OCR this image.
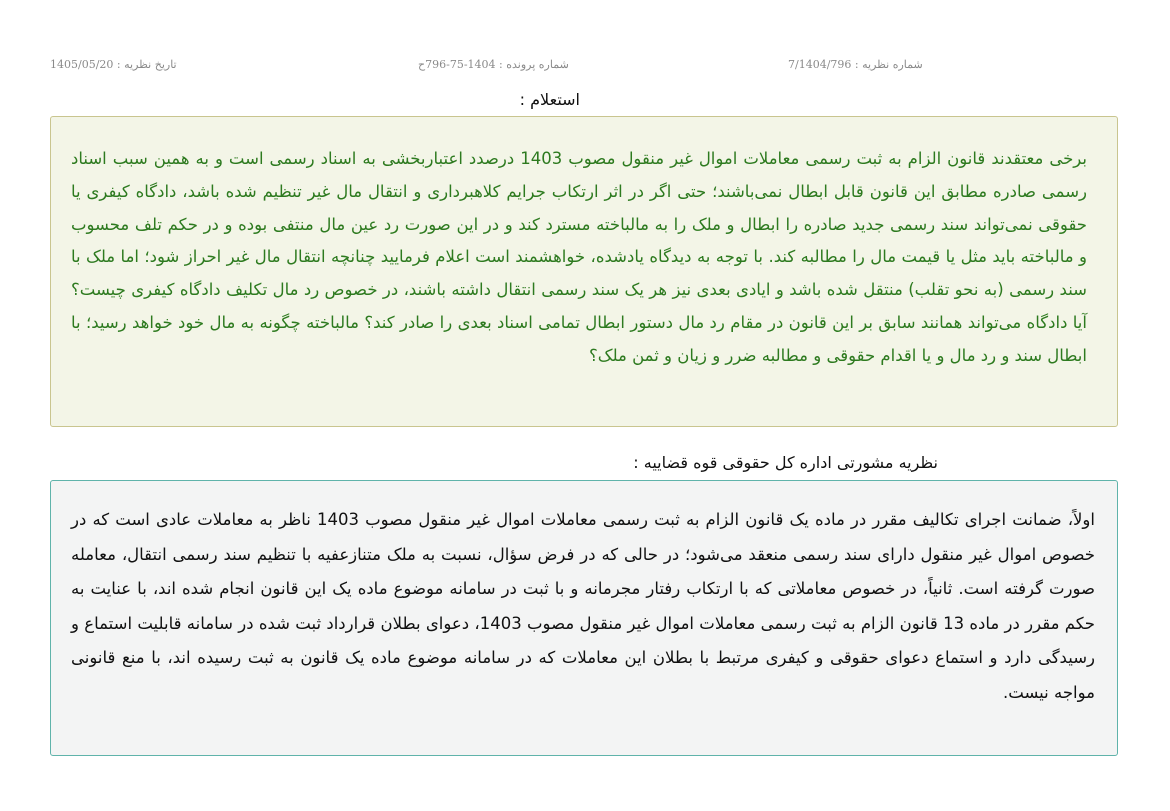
شماره نظریه : 7/1404/796
شماره پرونده : 1404-75-796ح
تاریخ نظریه : 1405/05/20
استعلام :

برخی معتقدند قانون الزام به ثبت رسمی معاملات اموال غیر منقول مصوب 1403 درصدد اعتباربخشی به اسناد رسمی است و به همین سبب اسناد رسمی صادره مطابق این قانون قابل ابطال نمی‌باشند؛ حتی اگر در اثر ارتکاب جرایم کلاهبرداری و انتقال مال غیر تنظیم شده باشد، دادگاه کیفری یا حقوقی نمی‌تواند سند رسمی جدید صادره را ابطال و ملک را به مالباخته مسترد کند و در این صورت رد عین مال منتفی بوده و در حکم تلف محسوب و مالباخته باید مثل یا قیمت مال را مطالبه کند. با توجه به دیدگاه یادشده، خواهشمند است اعلام فرمایید چنانچه انتقال مال غیر احراز شود؛ اما ملک با سند رسمی (به نحو تقلب) منتقل شده باشد و ایادی بعدی نیز هر یک سند رسمی انتقال داشته باشند، در خصوص رد مال تکلیف دادگاه کیفری چیست؟ آیا دادگاه می‌تواند همانند سابق بر این قانون در مقام رد مال دستور ابطال تمامی اسناد بعدی را صادر کند؟ مالباخته چگونه به مال خود خواهد رسید؛ با ابطال سند و رد مال و یا اقدام حقوقی و مطالبه ضرر و زیان و ثمن ملک؟

نظریه مشورتی اداره کل حقوقی قوه قضاییه :

اولاً، ضمانت اجرای تکالیف مقرر در ماده یک قانون الزام به ثبت رسمی معاملات اموال غیر منقول مصوب 1403 ناظر به معاملات عادی است که در خصوص اموال غیر منقول دارای سند رسمی منعقد می‌شود؛ در حالی که در فرض سؤال، نسبت به ملک متنازعفیه با تنظیم سند رسمی انتقال، معامله صورت گرفته است. ثانیاً، در خصوص معاملاتی که با ارتکاب رفتار مجرمانه و با ثبت در سامانه موضوع ماده یک این قانون انجام شده اند، با عنایت به حکم مقرر در ماده 13 قانون الزام به ثبت رسمی معاملات اموال غیر منقول مصوب 1403، دعوای بطلان قرارداد ثبت شده در سامانه قابلیت استماع و رسیدگی دارد و استماع دعوای حقوقی و کیفری مرتبط با بطلان این معاملات که در سامانه موضوع ماده یک قانون به ثبت رسیده اند، با منع قانونی مواجه نیست.
